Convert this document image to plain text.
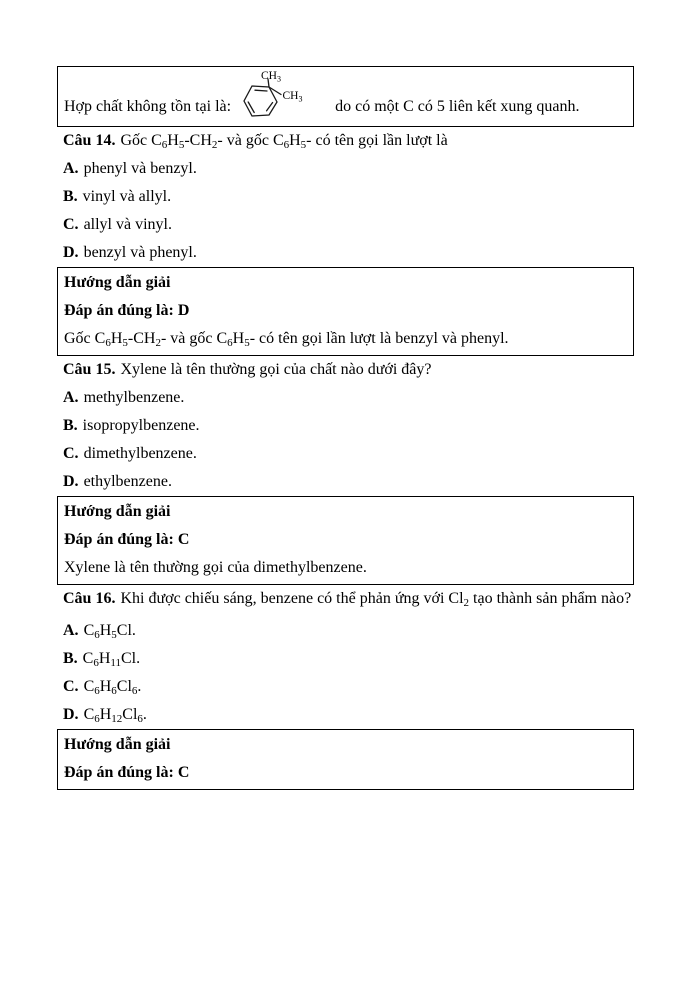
Hợp chất không tồn tại là:
$CH_3$
$CH_3$ do có một C có 5 liên kết xung quanh.

Câu 14. Gốc $C_6H_5-CH_2-$ và gốc $C_6H_5-$ có tên gọi lần lượt là

A. phenyl và benzyl.

B. vinyl và allyl.

C. allyl và vinyl.

D. benzyl và phenyl.

Hướng dẫn giải

Đáp án đúng là: D

Gốc $C_6H_5-CH_2-$ và gốc $C_6H_5-$ có tên gọi lần lượt là benzyl và phenyl.

Câu 15. Xylene là tên thường gọi của chất nào dưới đây?

A. methylbenzene.

B. isopropylbenzene.

C. dimethylbenzene.

D. ethylbenzene.

Hướng dẫn giải

Đáp án đúng là: C

Xylene là tên thường gọi của dimethylbenzene.

Câu 16. Khi được chiếu sáng, benzene có thể phản ứng với $Cl_2$ tạo thành sản phẩm nào?

A. $C_6H_5Cl$.

B. $C_6H_{11}Cl$.

C. $C_6H_6Cl_6$.

D. $C_6H_{12}Cl_6$.

Hướng dẫn giải

Đáp án đúng là: C
